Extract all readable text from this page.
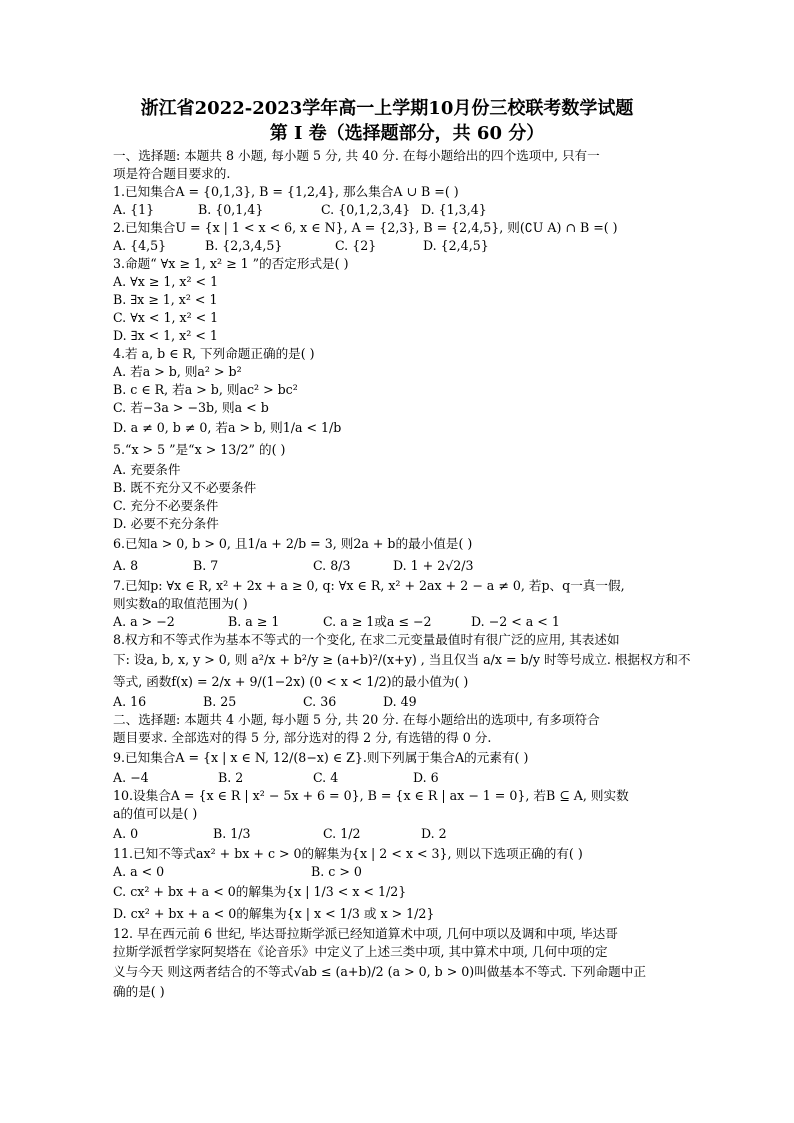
浙江省2022-2023学年高一上学期10月份三校联考数学试题
第 I 卷（选择题部分，共 60 分）
一、选择题: 本题共 8 小题, 每小题 5 分, 共 40 分. 在每小题给出的四个选项中, 只有一
项是符合题目要求的.
1.已知集合A = {0,1,3}, B = {1,2,4}, 那么集合A ∪ B =( )
A. {1}	B. {0,1,4}	C. {0,1,2,3,4} D. {1,3,4}
2.已知集合U = {x | 1 < x < 6, x ∈ N}, A = {2,3}, B = {2,4,5}, 则(∁U A) ∩ B =( )
A. {4,5}	B. {2,3,4,5}	C. {2}	D. {2,4,5}
3.命题“ ∀x ≥ 1, x² ≥ 1 ”的否定形式是( )
A. ∀x ≥ 1, x² < 1
B. ∃x ≥ 1, x² < 1
C. ∀x < 1, x² < 1
D. ∃x < 1, x² < 1
4.若 a, b ∈ R, 下列命题正确的是( )
A. 若a > b, 则a² > b²
B. c ∈ R, 若a > b, 则ac² > bc²
C. 若−3a > −3b, 则a < b
D. a ≠ 0, b ≠ 0, 若a > b, 则1/a < 1/b
5.“x > 5 ”是“x > 13/2” 的( )
A. 充要条件
B. 既不充分又不必要条件
C. 充分不必要条件
D. 必要不充分条件
6.已知a > 0, b > 0, 且1/a + 2/b = 3, 则2a + b的最小值是( )
A. 8	B. 7	C. 8/3	D. 1 + 2√2/3
7.已知p: ∀x ∈ R, x² + 2x + a ≥ 0, q: ∀x ∈ R, x² + 2ax + 2 − a ≠ 0, 若p、q一真一假,
则实数a的取值范围为( )
A. a > −2	B. a ≥ 1	C. a ≥ 1或a ≤ −2	D. −2 < a < 1
8.权方和不等式作为基本不等式的一个变化, 在求二元变量最值时有很广泛的应用, 其表述如
下: 设a, b, x, y > 0, 则 a²/x + b²/y ≥ (a+b)²/(x+y) , 当且仅当 a/x = b/y 时等号成立. 根据权方和不
等式, 函数f(x) = 2/x + 9/(1−2x) (0 < x < 1/2)的最小值为( )
A. 16	B. 25	C. 36	D. 49
二、选择题: 本题共 4 小题, 每小题 5 分, 共 20 分. 在每小题给出的选项中, 有多项符合
题目要求. 全部选对的得 5 分, 部分选对的得 2 分, 有选错的得 0 分.
9.已知集合A = {x | x ∈ N, 12/(8−x) ∈ Z}.则下列属于集合A的元素有( )
A. −4	B. 2	C. 4	D. 6
10.设集合A = {x ∈ R | x² − 5x + 6 = 0}, B = {x ∈ R | ax − 1 = 0}, 若B ⊆ A, 则实数
a的值可以是( )
A. 0	B. 1/3	C. 1/2	D. 2
11.已知不等式ax² + bx + c > 0的解集为{x | 2 < x < 3}, 则以下选项正确的有( )
A. a < 0	B. c > 0
C. cx² + bx + a < 0的解集为{x | 1/3 < x < 1/2}
D. cx² + bx + a < 0的解集为{x | x < 1/3 或 x > 1/2}
12. 早在西元前 6 世纪, 毕达哥拉斯学派已经知道算术中项, 几何中项以及调和中项, 毕达哥
拉斯学派哲学家阿契塔在《论音乐》中定义了上述三类中项, 其中算术中项, 几何中项的定
义与今天 则这两者结合的不等式√ab ≤ (a+b)/2 (a > 0, b > 0)叫做基本不等式. 下列命题中正
确的是( )
